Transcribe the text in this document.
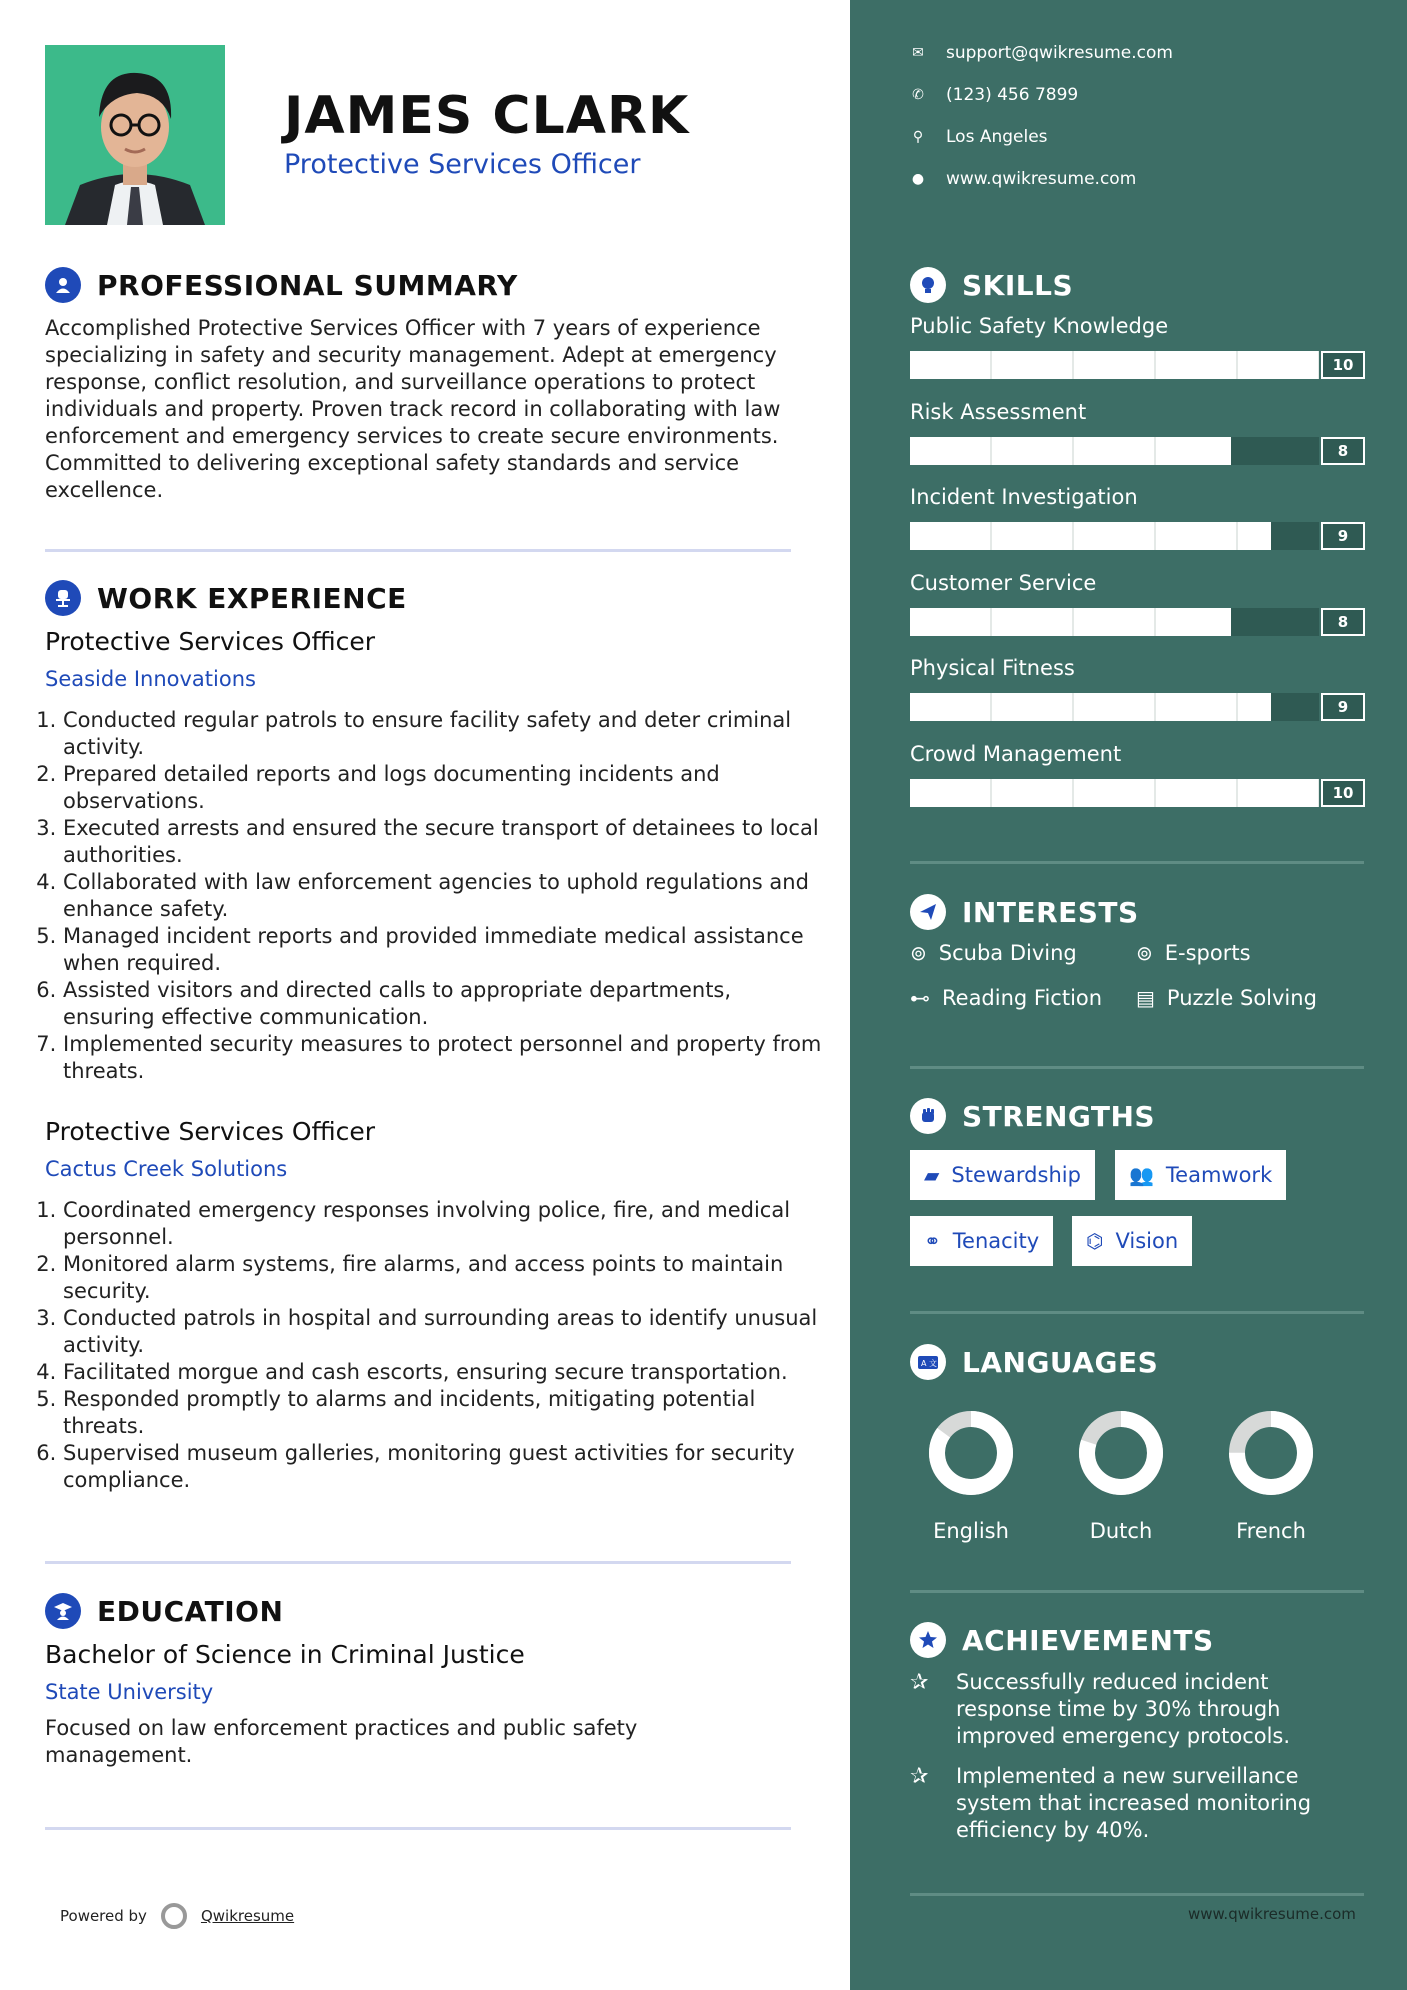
JAMES CLARK
Protective Services Officer
PROFESSIONAL SUMMARY
Accomplished Protective Services Officer with 7 years of experience specializing in safety and security management. Adept at emergency response, conflict resolution, and surveillance operations to protect individuals and property. Proven track record in collaborating with law enforcement and emergency services to create secure environments. Committed to delivering exceptional safety standards and service excellence.
WORK EXPERIENCE
Protective Services Officer
Seaside Innovations
1. Conducted regular patrols to ensure facility safety and deter criminal activity.
2. Prepared detailed reports and logs documenting incidents and observations.
3. Executed arrests and ensured the secure transport of detainees to local authorities.
4. Collaborated with law enforcement agencies to uphold regulations and enhance safety.
5. Managed incident reports and provided immediate medical assistance when required.
6. Assisted visitors and directed calls to appropriate departments, ensuring effective communication.
7. Implemented security measures to protect personnel and property from threats.
Protective Services Officer
Cactus Creek Solutions
1. Coordinated emergency responses involving police, fire, and medical personnel.
2. Monitored alarm systems, fire alarms, and access points to maintain security.
3. Conducted patrols in hospital and surrounding areas to identify unusual activity.
4. Facilitated morgue and cash escorts, ensuring secure transportation.
5. Responded promptly to alarms and incidents, mitigating potential threats.
6. Supervised museum galleries, monitoring guest activities for security compliance.
EDUCATION
Bachelor of Science in Criminal Justice
State University
Focused on law enforcement practices and public safety management.
Powered by	Qwikresume
✉ support@qwikresume.com
✆ (123) 456 7899
⚲ Los Angeles
● www.qwikresume.com
SKILLS
Public Safety Knowledge
10
Risk Assessment
8
Incident Investigation
9
Customer Service
8
Physical Fitness
9
Crowd Management
10
INTERESTS
⊚ Scuba Diving	⊚ E-sports
⊷ Reading Fiction ▤ Puzzle Solving
STRENGTHS
▰ Stewardship 👥 Teamwork
⚭ Tenacity ⌬ Vision
A 文 LANGUAGES
English	Dutch	French
ACHIEVEMENTS
✰	Successfully reduced incident response time by 30% through improved emergency protocols.
✰	Implemented a new surveillance system that increased monitoring efficiency by 40%.
www.qwikresume.com
